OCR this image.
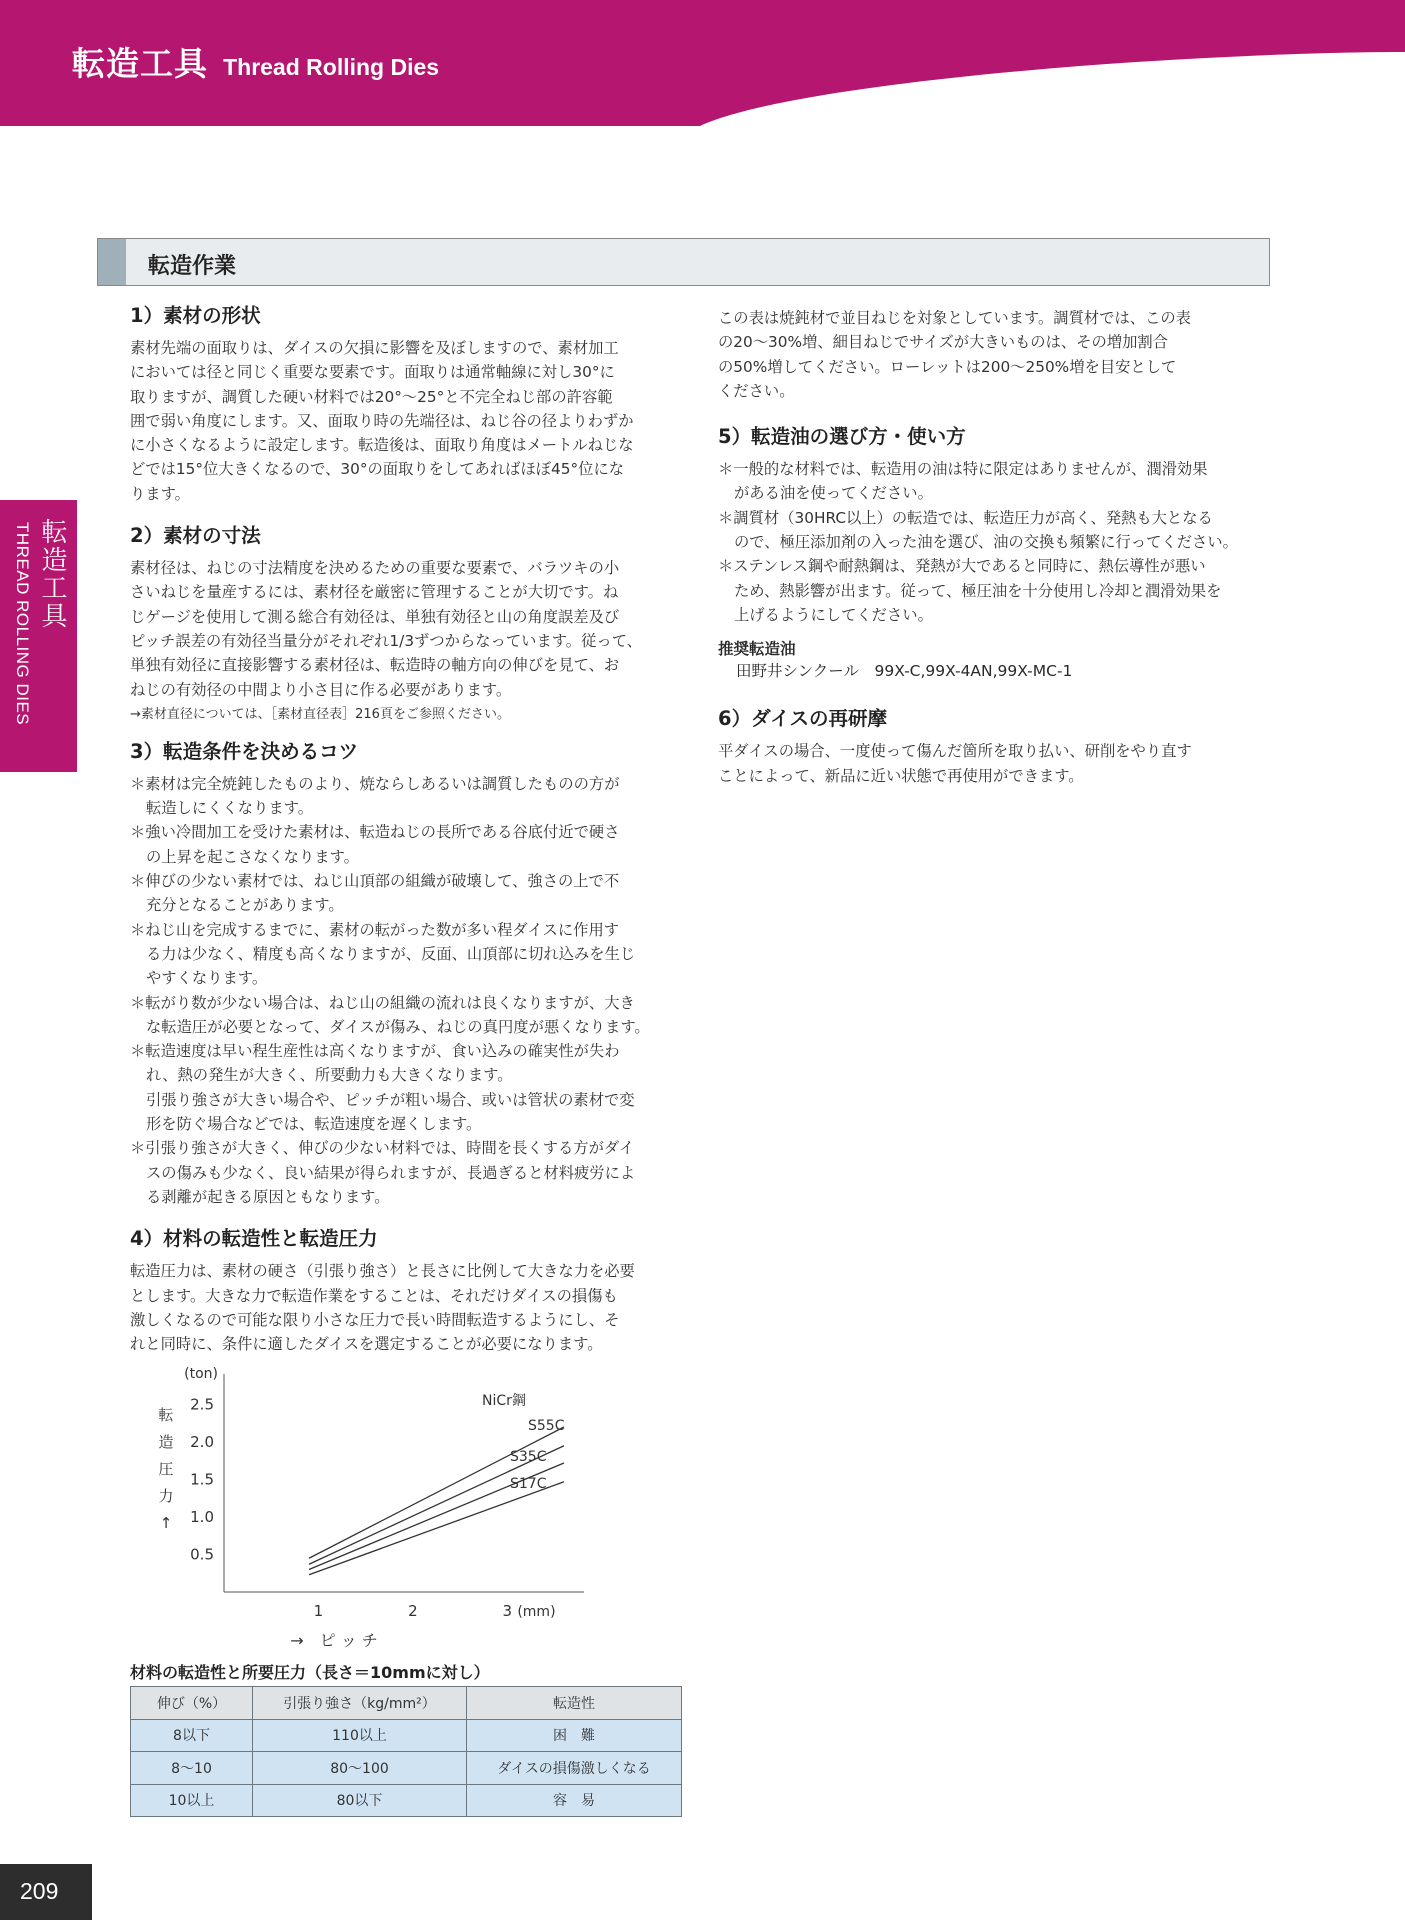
転造工具 Thread Rolling Dies
転造工具
THREAD ROLLING DIES
転造作業
1）素材の形状
素材先端の面取りは、ダイスの欠損に影響を及ぼしますので、素材加工
においては径と同じく重要な要素です。面取りは通常軸線に対し30°に
取りますが、調質した硬い材料では20°～25°と不完全ねじ部の許容範
囲で弱い角度にします。又、面取り時の先端径は、ねじ谷の径よりわずか
に小さくなるように設定します。転造後は、面取り角度はメートルねじな
どでは15°位大きくなるので、30°の面取りをしてあればほぼ45°位にな
ります。
2）素材の寸法
素材径は、ねじの寸法精度を決めるための重要な要素で、バラツキの小
さいねじを量産するには、素材径を厳密に管理することが大切です。ね
じゲージを使用して測る総合有効径は、単独有効径と山の角度誤差及び
ピッチ誤差の有効径当量分がそれぞれ1/3ずつからなっています。従って、
単独有効径に直接影響する素材径は、転造時の軸方向の伸びを見て、お
ねじの有効径の中間より小さ目に作る必要があります。
→素材直径については、［素材直径表］216頁をご参照ください。
3）転造条件を決めるコツ
＊素材は完全焼鈍したものより、焼ならしあるいは調質したものの方が
転造しにくくなります。
＊強い冷間加工を受けた素材は、転造ねじの長所である谷底付近で硬さ
の上昇を起こさなくなります。
＊伸びの少ない素材では、ねじ山頂部の組織が破壊して、強さの上で不
充分となることがあります。
＊ねじ山を完成するまでに、素材の転がった数が多い程ダイスに作用す
る力は少なく、精度も高くなりますが、反面、山頂部に切れ込みを生じ
やすくなります。
＊転がり数が少ない場合は、ねじ山の組織の流れは良くなりますが、大き
な転造圧が必要となって、ダイスが傷み、ねじの真円度が悪くなります。
＊転造速度は早い程生産性は高くなりますが、食い込みの確実性が失わ
れ、熱の発生が大きく、所要動力も大きくなります。
引張り強さが大きい場合や、ピッチが粗い場合、或いは管状の素材で変
形を防ぐ場合などでは、転造速度を遅くします。
＊引張り強さが大きく、伸びの少ない材料では、時間を長くする方がダイ
スの傷みも少なく、良い結果が得られますが、長過ぎると材料疲労によ
る剥離が起きる原因ともなります。
4）材料の転造性と転造圧力
転造圧力は、素材の硬さ（引張り強さ）と長さに比例して大きな力を必要
とします。大きな力で転造作業をすることは、それだけダイスの損傷も
激しくなるので可能な限り小さな圧力で長い時間転造するようにし、そ
れと同時に、条件に適したダイスを選定することが必要になります。
(ton)
2.5
2.0
1.5
1.0
0.5
転
造
圧
力
↑
1	2	3 (mm)
→　ピ ッ チ
NiCr鋼
S55C
S35C
S17C
材料の転造性と所要圧力（長さ＝10mmに対し）
伸び（%）	引張り強さ（kg/mm²）	転造性
8以下	110以上	困　難
8～10	80～100	ダイスの損傷激しくなる
10以上	80以下	容　易
この表は焼鈍材で並目ねじを対象としています。調質材では、この表
の20～30%増、細目ねじでサイズが大きいものは、その増加割合
の50%増してください。ローレットは200～250%増を目安として
ください。
5）転造油の選び方・使い方
＊一般的な材料では、転造用の油は特に限定はありませんが、潤滑効果
がある油を使ってください。
＊調質材（30HRC以上）の転造では、転造圧力が高く、発熱も大となる
ので、極圧添加剤の入った油を選び、油の交換も頻繁に行ってください。
＊ステンレス鋼や耐熱鋼は、発熱が大であると同時に、熱伝導性が悪い
ため、熱影響が出ます。従って、極圧油を十分使用し冷却と潤滑効果を
上げるようにしてください。
推奨転造油
田野井シンクール　99X-C,99X-4AN,99X-MC-1
6）ダイスの再研摩
平ダイスの場合、一度使って傷んだ箇所を取り払い、研削をやり直す
ことによって、新品に近い状態で再使用ができます。
209
